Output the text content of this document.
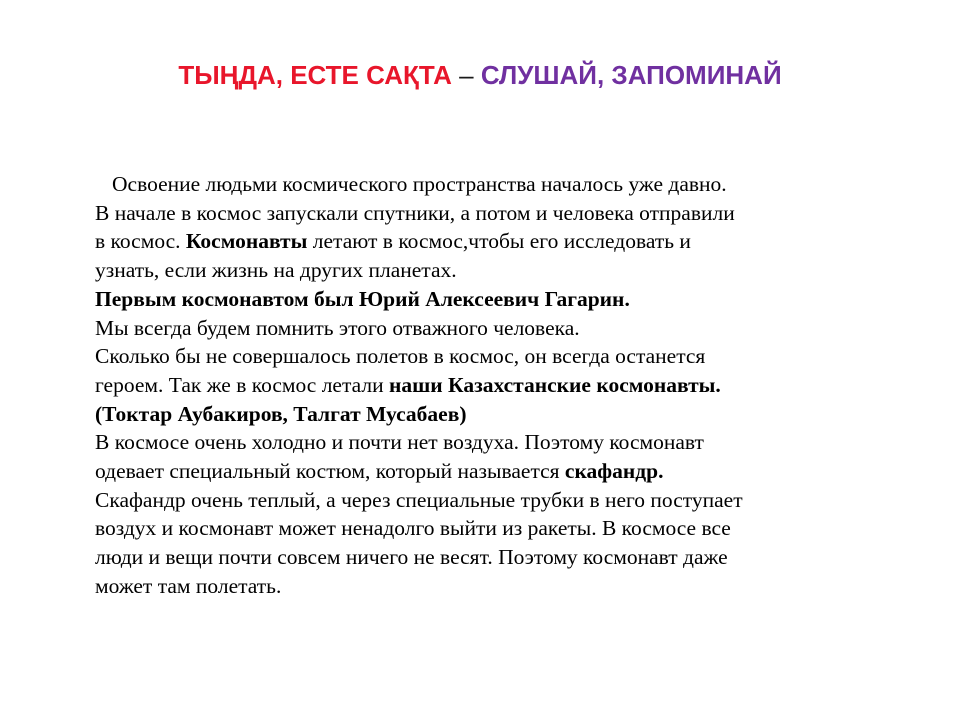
ТЫҢДА, ЕСТЕ САҚТА – СЛУШАЙ, ЗАПОМИНАЙ
Освоение людьми космического пространства началось уже давно.
В начале в космос запускали спутники, а потом и человека отправили
в космос. Космонавты летают в космос,чтобы его исследовать и
узнать, если жизнь на других планетах.
Первым космонавтом был Юрий Алексеевич Гагарин.
Мы всегда будем помнить этого отважного человека.
Сколько бы не совершалось полетов в космос, он всегда останется
героем. Так же в космос летали наши Казахстанские космонавты.
(Токтар Аубакиров, Талгат Мусабаев)
В космосе очень холодно и почти нет воздуха. Поэтому космонавт
одевает специальный костюм, который называется скафандр.
Скафандр очень теплый, а через специальные трубки в него поступает
воздух и космонавт может ненадолго выйти из ракеты. В космосе все
люди и вещи почти совсем ничего не весят. Поэтому космонавт даже
может там полетать.
